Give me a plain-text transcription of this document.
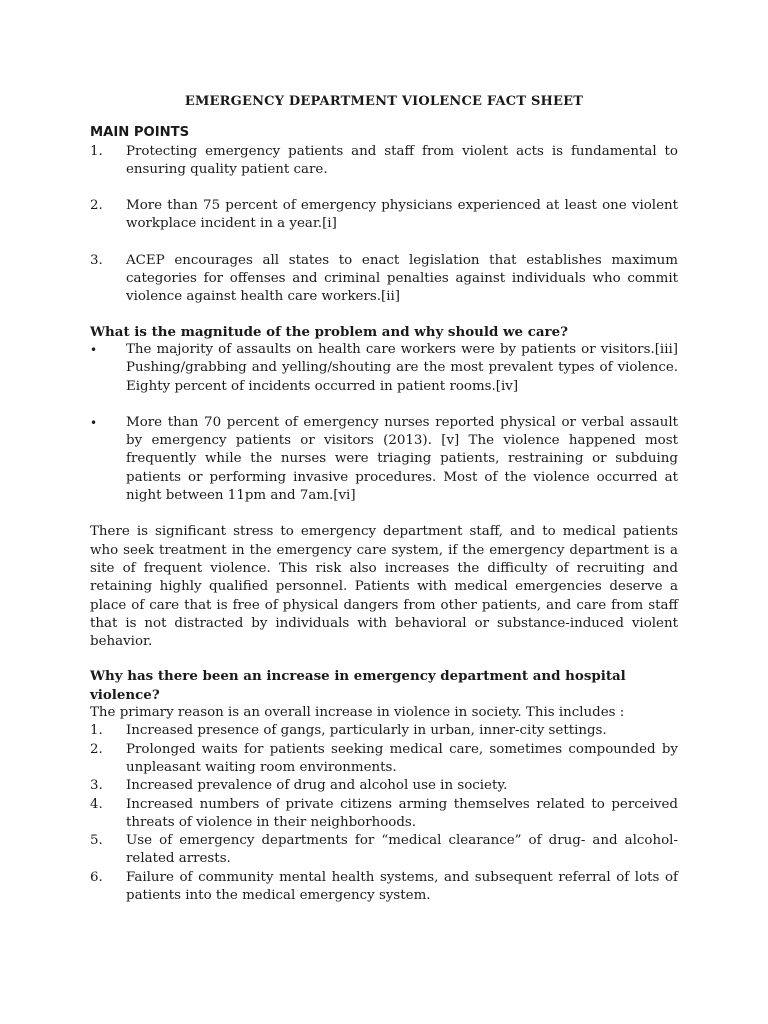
EMERGENCY DEPARTMENT VIOLENCE FACT SHEET
MAIN POINTS
1.	Protecting emergency patients and staff from violent acts is fundamental to ensuring quality patient care.
2.	More than 75 percent of emergency physicians experienced at least one violent workplace incident in a year.[i]
3.	ACEP encourages all states to enact legislation that establishes maximum categories for offenses and criminal penalties against individuals who commit violence against health care workers.[ii]
What is the magnitude of the problem and why should we care?
•	The majority of assaults on health care workers were by patients or visitors.[iii] Pushing/grabbing and yelling/shouting are the most prevalent types of violence. Eighty percent of incidents occurred in patient rooms.[iv]
•	More than 70 percent of emergency nurses reported physical or verbal assault by emergency patients or visitors (2013). [v] The violence happened most frequently while the nurses were triaging patients, restraining or subduing patients or performing invasive procedures. Most of the violence occurred at night between 11pm and 7am.[vi]

There is significant stress to emergency department staff, and to medical patients who seek treatment in the emergency care system, if the emergency department is a site of frequent violence. This risk also increases the difficulty of recruiting and retaining highly qualified personnel. Patients with medical emergencies deserve a place of care that is free of physical dangers from other patients, and care from staff that is not distracted by individuals with behavioral or substance-induced violent behavior.

Why has there been an increase in emergency department and hospital violence?

The primary reason is an overall increase in violence in society. This includes :

1.	Increased presence of gangs, particularly in urban, inner-city settings.
2.	Prolonged waits for patients seeking medical care, sometimes compounded by unpleasant waiting room environments.
3.	Increased prevalence of drug and alcohol use in society.
4.	Increased numbers of private citizens arming themselves related to perceived threats of violence in their neighborhoods.
5.	Use of emergency departments for “medical clearance” of drug- and alcohol-related arrests.
6.	Failure of community mental health systems, and subsequent referral of lots of patients into the medical emergency system.
